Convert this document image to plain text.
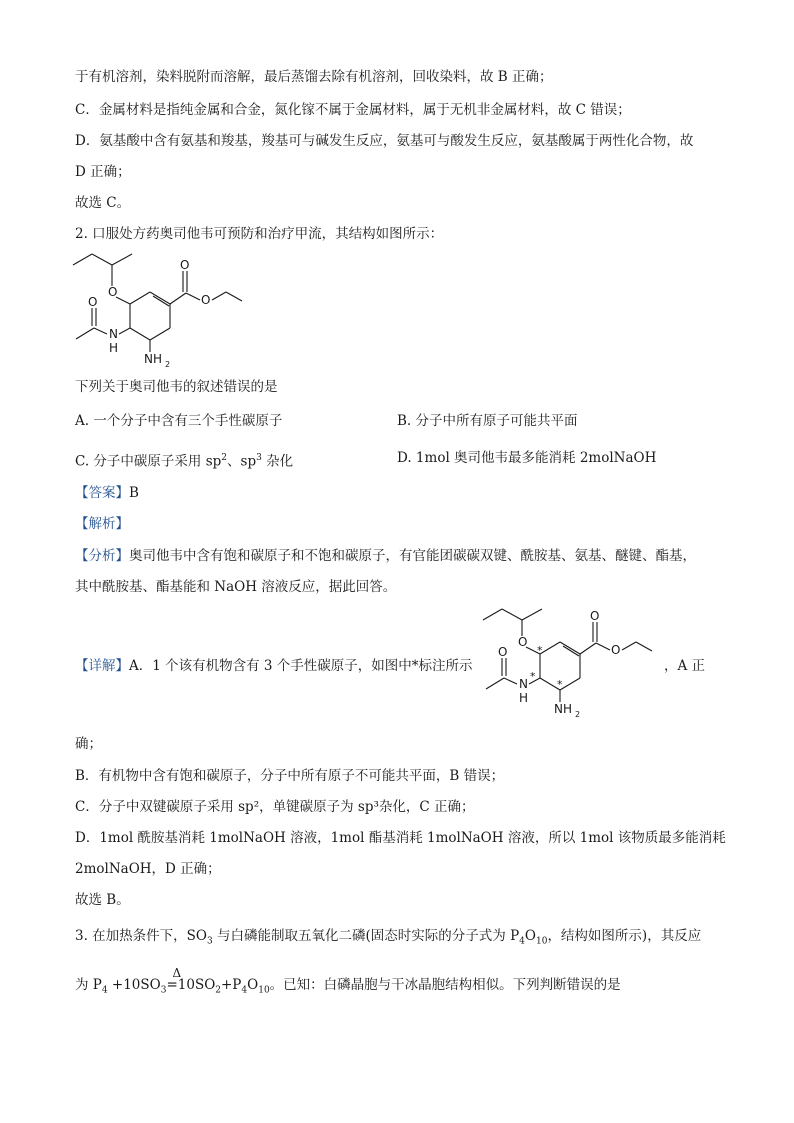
于有机溶剂，染料脱附而溶解，最后蒸馏去除有机溶剂，回收染料，故 B 正确；
C．金属材料是指纯金属和合金，氮化镓不属于金属材料，属于无机非金属材料，故 C 错误；
D．氨基酸中含有氨基和羧基，羧基可与碱发生反应，氨基可与酸发生反应，氨基酸属于两性化合物，故
D 正确；
故选 C。
2. 口服处方药奥司他韦可预防和治疗甲流，其结构如图所示：
O
O
O
O
N
H
NH 2
下列关于奥司他韦的叙述错误的是
A. 一个分子中含有三个手性碳原子	B. 分子中所有原子可能共平面
C. 分子中碳原子采用 $sp^2$、$sp^3$ 杂化	D. 1mol 奥司他韦最多能消耗 2molNaOH
【答案】B
【解析】
【分析】奥司他韦中含有饱和碳原子和不饱和碳原子，有官能团碳碳双键、酰胺基、氨基、醚键、酯基，
其中酰胺基、酯基能和 NaOH 溶液反应，据此回答。
【详解】A．1 个该有机物含有 3 个手性碳原子，如图中*标注所示
O
O
O
O
N
H
NH 2
*
*
*
，A 正
确；
B．有机物中含有饱和碳原子，分子中所有原子不可能共平面，B 错误；
C．分子中双键碳原子采用 sp²，单键碳原子为 sp³杂化，C 正确；
D．1mol 酰胺基消耗 1molNaOH 溶液，1mol 酯基消耗 1molNaOH 溶液，所以 1mol 该物质最多能消耗
2molNaOH，D 正确；
故选 B。
3. 在加热条件下，$SO_3$ 与白磷能制取五氧化二磷(固态时实际的分子式为 $P_4O_{10}$，结构如图所示)，其反应
为 $P_4 +10SO_3$
Δ
$=10SO_2+P_4O_{10}$。已知：白磷晶胞与干冰晶胞结构相似。下列判断错误的是
